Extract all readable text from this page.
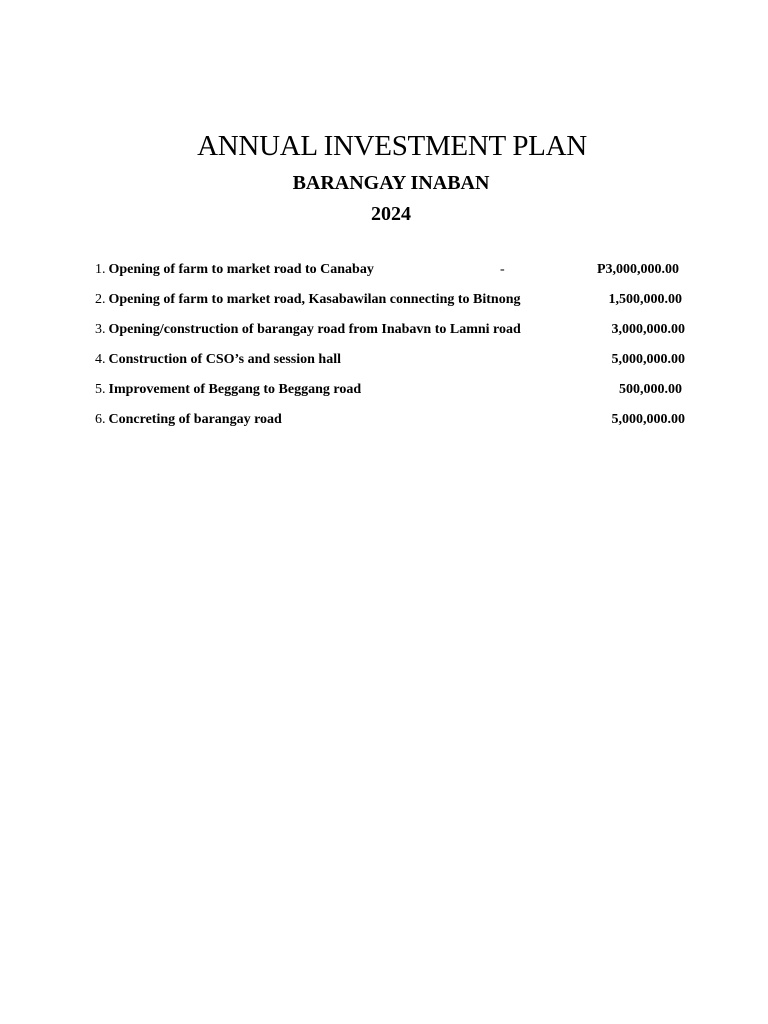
ANNUAL INVESTMENT PLAN
BARANGAY INABAN
2024
1. Opening of farm to market road to Canabay	-	P3,000,000.00
2. Opening of farm to market road, Kasabawilan connecting to Bitnong	1,500,000.00
3. Opening/construction of barangay road from Inabavn to Lamni road	3,000,000.00
4. Construction of CSO’s and session hall	5,000,000.00
5. Improvement of Beggang to Beggang road	500,000.00
6. Concreting of barangay road	5,000,000.00
